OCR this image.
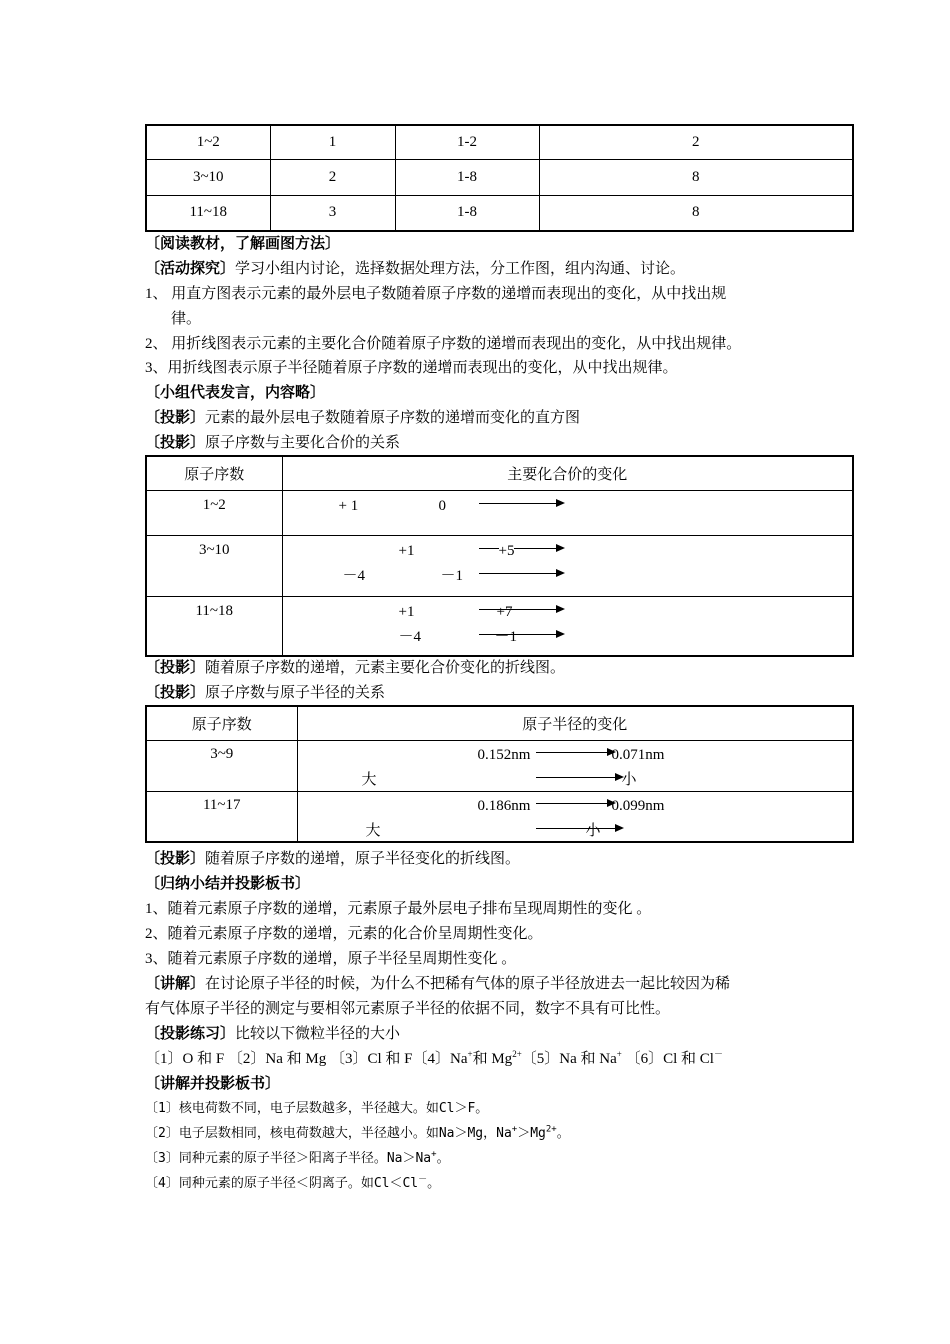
1~2	1	1-2	2
3~10	2	1-8	8
11~18	3	1-8	8
〔阅读教材，了解画图方法〕
〔活动探究〕学习小组内讨论，选择数据处理方法，分工作图，组内沟通、讨论。
1、 用直方图表示元素的最外层电子数随着原子序数的递增而表现出的变化，从中找出规
律。
2、 用折线图表示元素的主要化合价随着原子序数的递增而表现出的变化，从中找出规律。
3、用折线图表示原子半径随着原子序数的递增而表现出的变化，从中找出规律。
〔小组代表发言，内容略〕
〔投影〕元素的最外层电子数随着原子序数的递增而变化的直方图
〔投影〕原子序数与主要化合价的关系
原子序数	主要化合价的变化
1~2	+ 1 0

3~10	+1 +5
－4 －1

11~18	+1 +7
－4 －1
〔投影〕随着原子序数的递增，元素主要化合价变化的折线图。
〔投影〕原子序数与原子半径的关系
原子序数	原子半径的变化
3~9	0.152nm 0.071nm
大 小

11~17	0.186nm 0.099nm
大 小
〔投影〕随着原子序数的递增，原子半径变化的折线图。
〔归纳小结并投影板书〕
1、随着元素原子序数的递增，元素原子最外层电子排布呈现周期性的变化 。
2、随着元素原子序数的递增，元素的化合价呈周期性变化。
3、随着元素原子序数的递增，原子半径呈周期性变化 。
〔讲解〕在讨论原子半径的时候，为什么不把稀有气体的原子半径放进去一起比较因为稀
有气体原子半径的测定与要相邻元素原子半径的依据不同，数字不具有可比性。
〔投影练习〕比较以下微粒半径的大小
〔1〕O 和 F 〔2〕Na 和 Mg 〔3〕Cl 和 F〔4〕Na+和 $Mg^{2+}$〔5〕Na 和 Na+ 〔6〕Cl 和 Cl－
〔讲解并投影板书〕
〔1〕核电荷数不同，电子层数越多，半径越大。如Cl＞F。
〔2〕电子层数相同，核电荷数越大，半径越小。如Na＞Mg，$Na^+>Mg^{2+}$。
〔3〕同种元素的原子半径＞阳离子半径。Na＞Na+。
〔4〕同种元素的原子半径＜阴离子。如Cl＜Cl－。
